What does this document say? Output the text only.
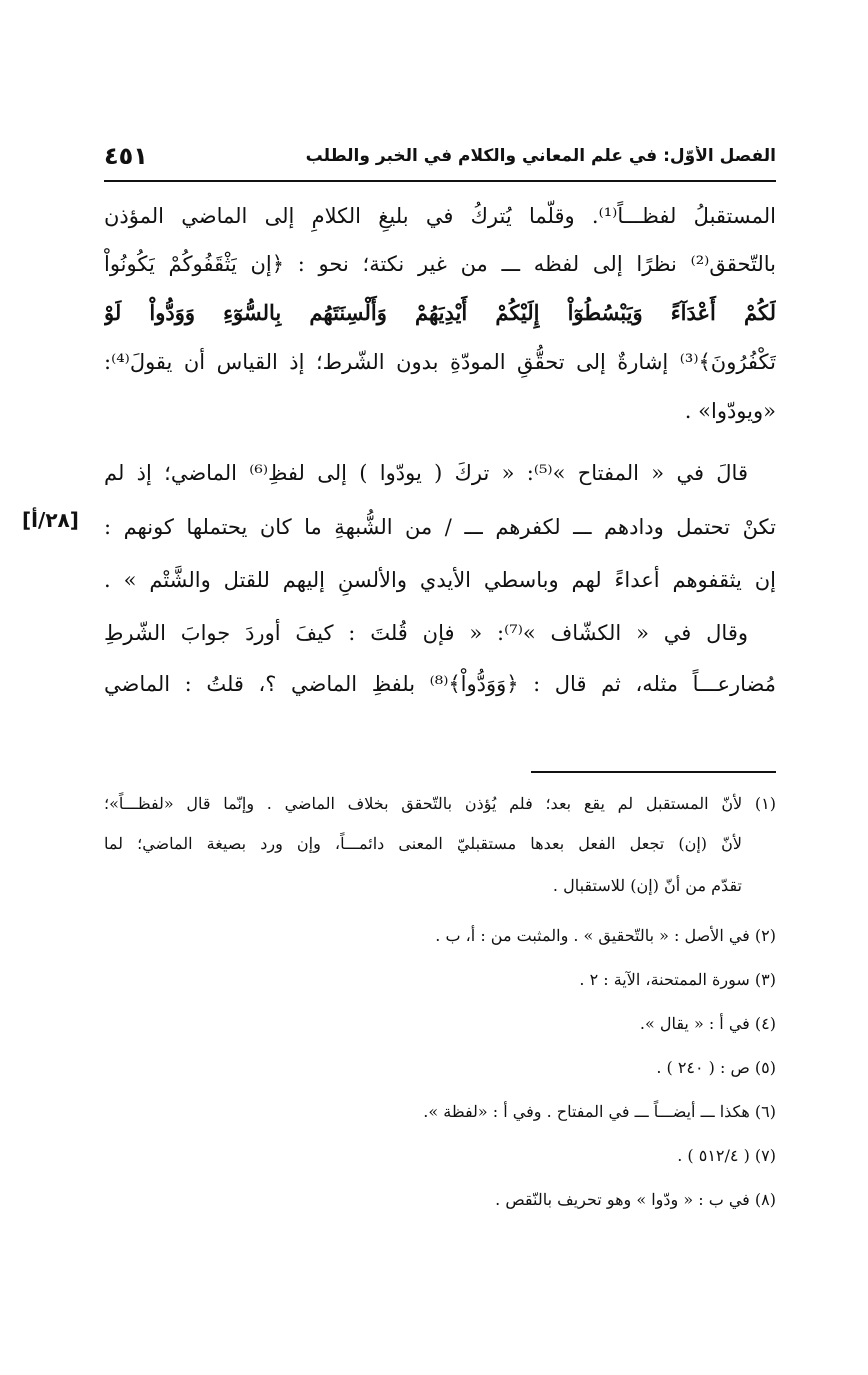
الفصل الأوّل: في علم المعاني والكلام في الخبر والطلب
٤٥١
المستقبلُ لفظـــاً⁽¹⁾. وقلّما يُتركُ في بليغِ الكلامِ إلى الماضي المؤذن
بالتّحقق⁽²⁾ نظرًا إلى لفظه ـــ من غير نكتة؛ نحو : ﴿إن يَثْقَفُوكُمْ يَكُونُواْ
لَكُمْ أَعْدَآءً وَيَبْسُطُوٓاْ إِلَيْكُمْ أَيْدِيَهُمْ وَأَلْسِنَتَهُم بِالسُّوٓءِ وَوَدُّواْ لَوْ
تَكْفُرُونَ﴾⁽³⁾ إشارةٌ إلى تحقُّقِ المودّةِ بدون الشّرط؛ إذ القياس أن يقولَ⁽⁴⁾:
«ويودّوا» .
قالَ في « المفتاح »⁽⁵⁾: « تركَ ( يودّوا ) إلى لفظِ⁽⁶⁾ الماضي؛ إذ لم
تكنْ تحتمل ودادهم ـــ لكفرهم ـــ / من الشُّبهةِ ما كان يحتملها كونهم :
إن يثقفوهم أعداءً لهم وباسطي الأيدي والألسنِ إليهم للقتل والشَّتْم » .
وقال في « الكشّاف »⁽⁷⁾: « فإن قُلتَ : كيفَ أوردَ جوابَ الشّرطِ
مُضارعـــاً مثله، ثم قال : ﴿وَوَدُّواْ﴾⁽⁸⁾ بلفظِ الماضي ؟، قلتُ : الماضي
[٢٨/أ]
(١) لأنّ المستقبل لم يقع بعد؛ فلم يُؤذن بالتّحقق بخلاف الماضي . وإنّما قال «لفظـــاً»؛
لأنّ (إن) تجعل الفعل بعدها مستقبليّ المعنى دائمـــاً، وإن ورد بصيغة الماضي؛ لما
تقدّم من أنّ (إن) للاستقبال .
(٢) في الأصل : « بالتّحقيق » . والمثبت من : أ، ب .
(٣) سورة الممتحنة، الآية : ٢ .
(٤) في أ : « يقال ».
(٥) ص : ( ٢٤٠ ) .
(٦) هكذا ـــ أيضـــاً ـــ في المفتاح . وفي أ : «لفظة ».
(٧) ( ٥١٢/٤ ) .
(٨) في ب : « ودّوا » وهو تحريف بالنّقص .
